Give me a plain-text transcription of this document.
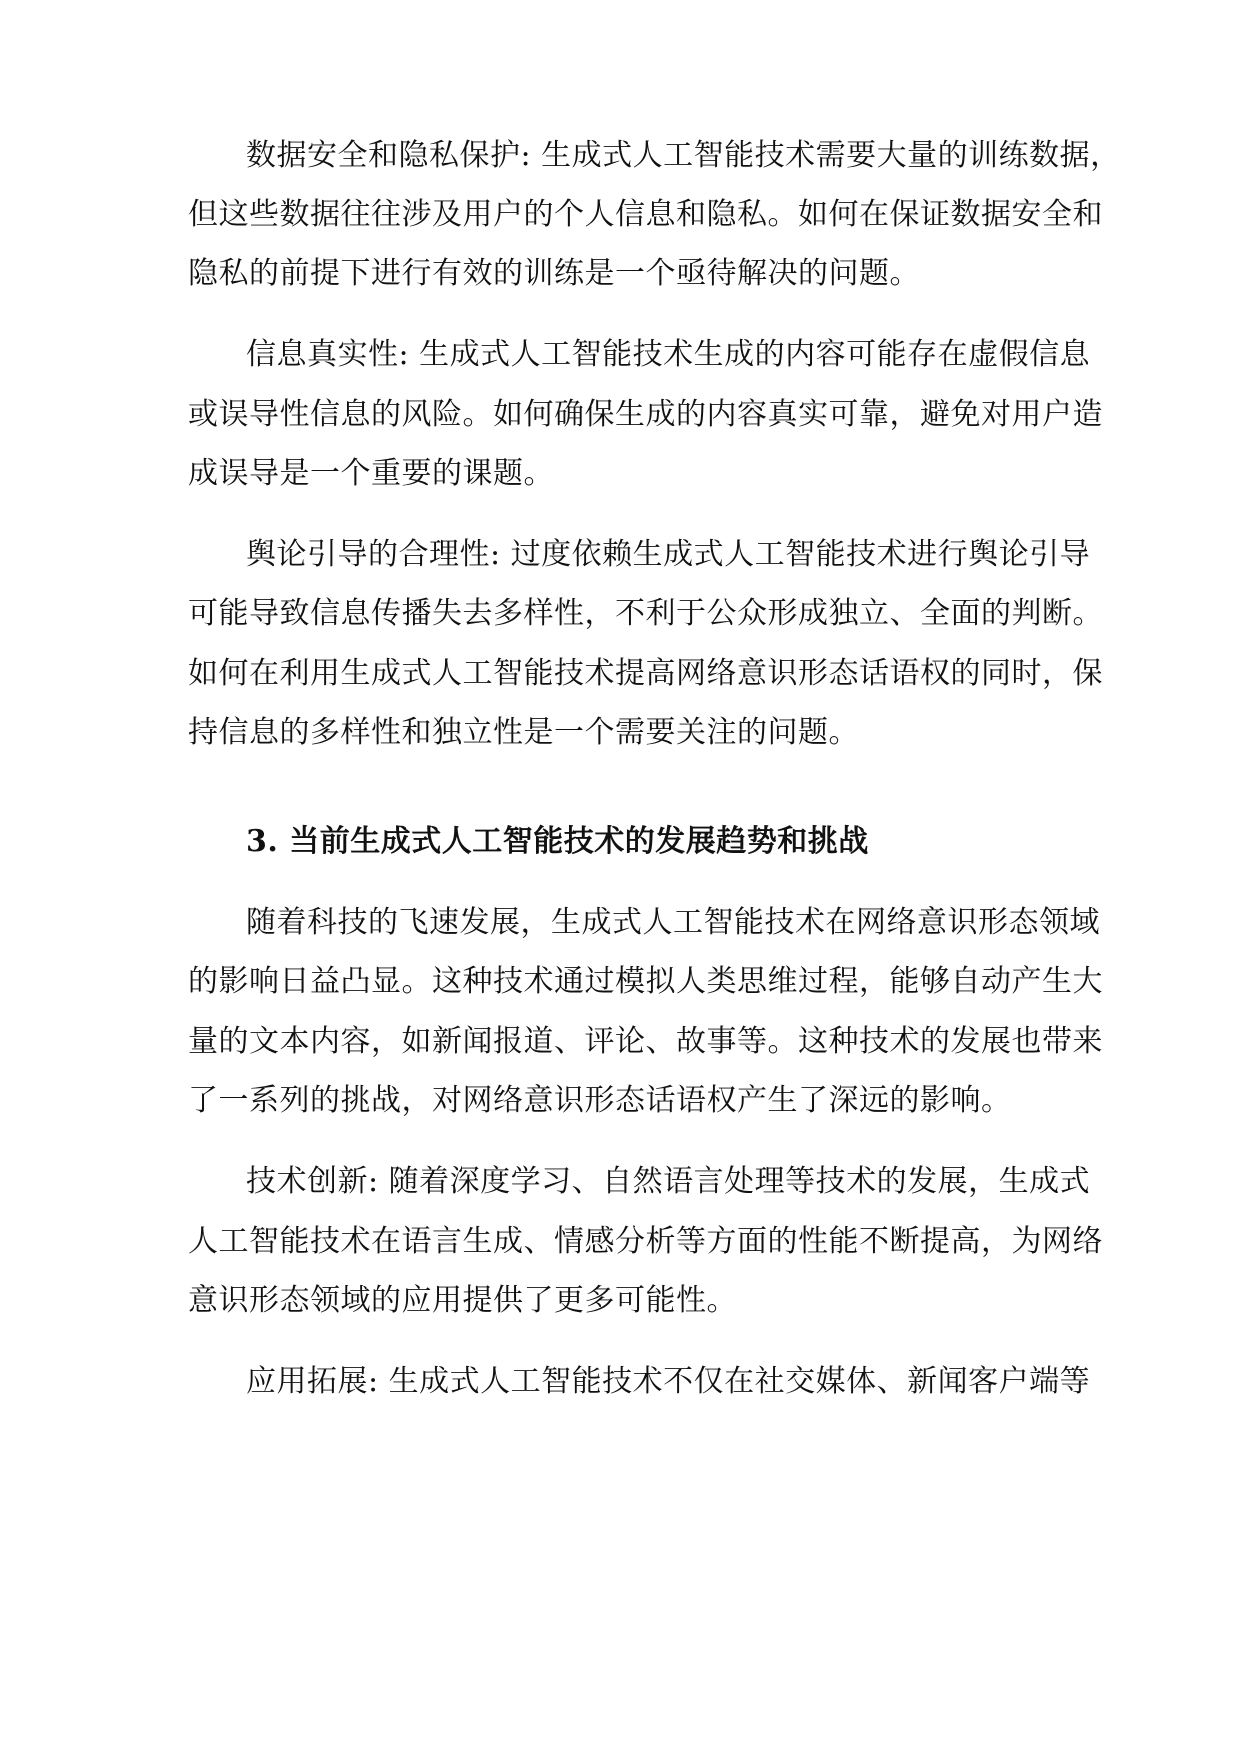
数据安全和隐私保护: 生成式人工智能技术需要大量的训练数据，
但这些数据往往涉及用户的个人信息和隐私。如何在保证数据安全和
隐私的前提下进行有效的训练是一个亟待解决的问题。
信息真实性: 生成式人工智能技术生成的内容可能存在虚假信息
或误导性信息的风险。如何确保生成的内容真实可靠，避免对用户造
成误导是一个重要的课题。
舆论引导的合理性: 过度依赖生成式人工智能技术进行舆论引导
可能导致信息传播失去多样性，不利于公众形成独立、全面的判断。
如何在利用生成式人工智能技术提高网络意识形态话语权的同时，保
持信息的多样性和独立性是一个需要关注的问题。
3. 当前生成式人工智能技术的发展趋势和挑战
随着科技的飞速发展，生成式人工智能技术在网络意识形态领域
的影响日益凸显。这种技术通过模拟人类思维过程，能够自动产生大
量的文本内容，如新闻报道、评论、故事等。这种技术的发展也带来
了一系列的挑战，对网络意识形态话语权产生了深远的影响。
技术创新: 随着深度学习、自然语言处理等技术的发展，生成式
人工智能技术在语言生成、情感分析等方面的性能不断提高，为网络
意识形态领域的应用提供了更多可能性。
应用拓展: 生成式人工智能技术不仅在社交媒体、新闻客户端等
